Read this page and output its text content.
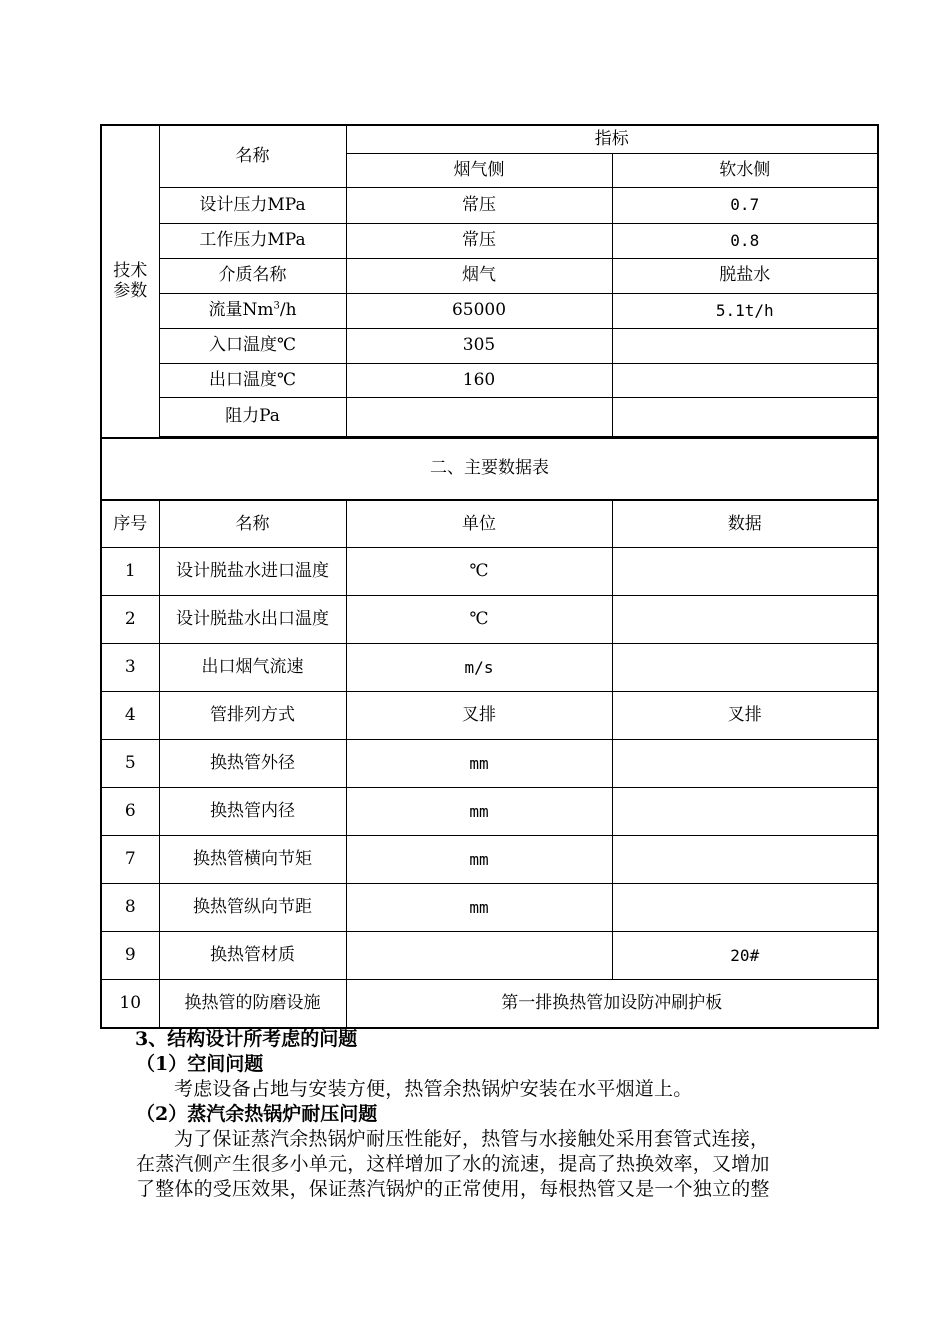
技术
参数	名称	指标	
		烟气侧	软水侧
	设计压力MPa	常压	0.7
	工作压力MPa	常压	0.8
	介质名称	烟气	脱盐水
	流量Nm$^3$/h	65000	5.1t/h
	入口温度℃	305	
	出口温度℃	160	
	阻力Pa		

二、主要数据表			
序号	名称	单位	数据
1	设计脱盐水进口温度	℃	
2	设计脱盐水出口温度	℃	
3	出口烟气流速	m/s	
4	管排列方式	叉排	叉排
5	换热管外径	mm	
6	换热管内径	mm	
7	换热管横向节矩	mm	
8	换热管纵向节距	mm	
9	换热管材质		20#
10	换热管的防磨设施	第一排换热管加设防冲刷护板	
3、结构设计所考虑的问题
（1）空间问题
考虑设备占地与安装方便，热管余热锅炉安装在水平烟道上。
（2）蒸汽余热锅炉耐压问题
为了保证蒸汽余热锅炉耐压性能好，热管与水接触处采用套管式连接，
在蒸汽侧产生很多小单元，这样增加了水的流速，提高了热换效率，又增加
了整体的受压效果，保证蒸汽锅炉的正常使用，每根热管又是一个独立的整
